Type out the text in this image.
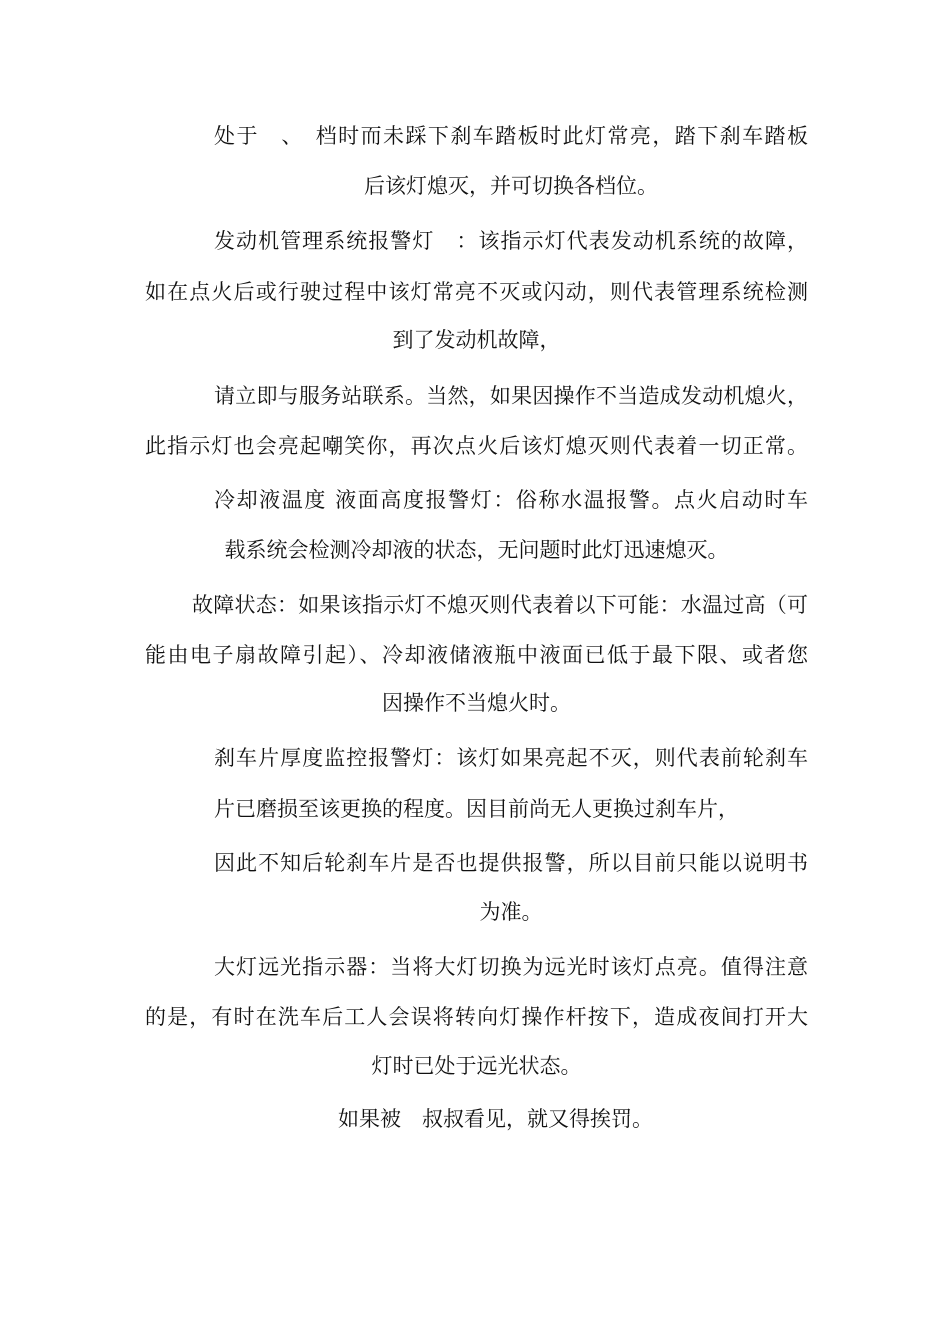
处于　、　档时而未踩下刹车踏板时此灯常亮，踏下刹车踏板
后该灯熄灭，并可切换各档位。
发动机管理系统报警灯　：该指示灯代表发动机系统的故障，
如在点火后或行驶过程中该灯常亮不灭或闪动，则代表管理系统检测
到了发动机故障，
请立即与服务站联系。当然，如果因操作不当造成发动机熄火，
此指示灯也会亮起嘲笑你，再次点火后该灯熄灭则代表着一切正常。
冷却液温度 液面高度报警灯：俗称水温报警。点火启动时车
载系统会检测冷却液的状态，无问题时此灯迅速熄灭。
故障状态：如果该指示灯不熄灭则代表着以下可能：水温过高（可
能由电子扇故障引起）、冷却液储液瓶中液面已低于最下限、或者您
因操作不当熄火时。
刹车片厚度监控报警灯：该灯如果亮起不灭，则代表前轮刹车
片已磨损至该更换的程度。因目前尚无人更换过刹车片，
因此不知后轮刹车片是否也提供报警，所以目前只能以说明书
为准。
大灯远光指示器：当将大灯切换为远光时该灯点亮。值得注意
的是，有时在洗车后工人会误将转向灯操作杆按下，造成夜间打开大
灯时已处于远光状态。
如果被　叔叔看见，就又得挨罚。
